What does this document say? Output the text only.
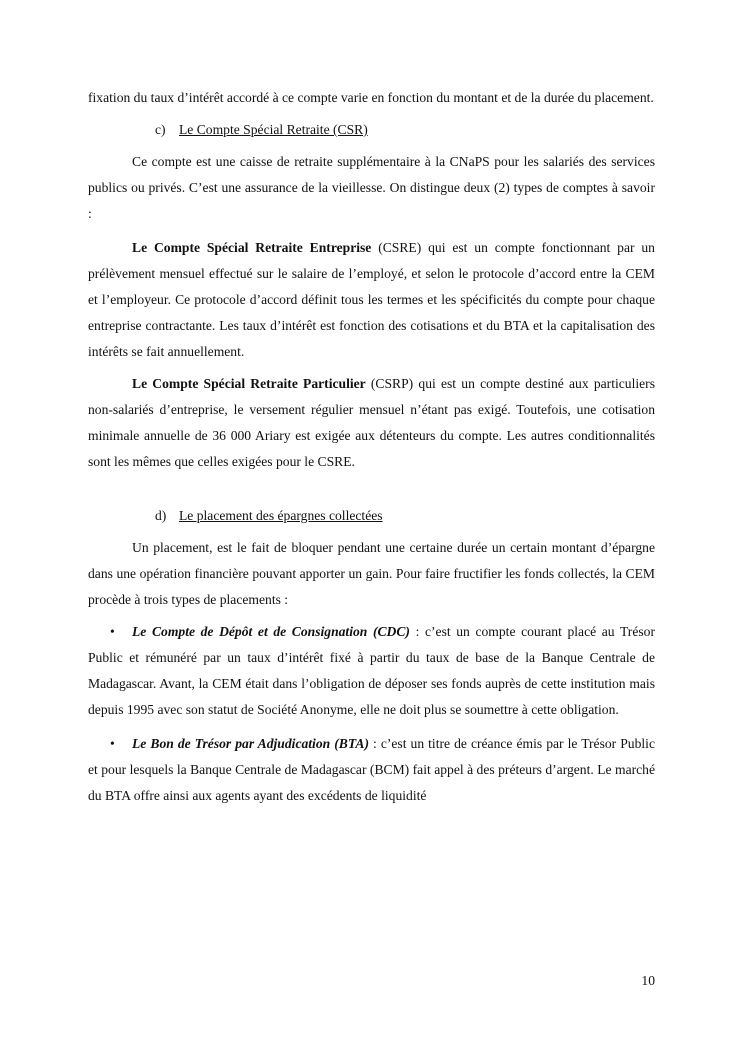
fixation du taux d’intérêt accordé à ce compte varie en fonction du montant et de la durée du placement.

c) Le Compte Spécial Retraite (CSR)

Ce compte est une caisse de retraite supplémentaire à la CNaPS pour les salariés des services publics ou privés. C’est une assurance de la vieillesse. On distingue deux (2) types de comptes à savoir :

Le Compte Spécial Retraite Entreprise (CSRE) qui est un compte fonctionnant par un prélèvement mensuel effectué sur le salaire de l’employé, et selon le protocole d’accord entre la CEM et l’employeur. Ce protocole d’accord définit tous les termes et les spécificités du compte pour chaque entreprise contractante. Les taux d’intérêt est fonction des cotisations et du BTA et la capitalisation des intérêts se fait annuellement.

Le Compte Spécial Retraite Particulier (CSRP) qui est un compte destiné aux particuliers non-salariés d’entreprise, le versement régulier mensuel n’étant pas exigé. Toutefois, une cotisation minimale annuelle de 36 000 Ariary est exigée aux détenteurs du compte. Les autres conditionnalités sont les mêmes que celles exigées pour le CSRE.

d) Le placement des épargnes collectées

Un placement, est le fait de bloquer pendant une certaine durée un certain montant d’épargne dans une opération financière pouvant apporter un gain. Pour faire fructifier les fonds collectés, la CEM procède à trois types de placements :

• Le Compte de Dépôt et de Consignation (CDC) : c’est un compte courant placé au Trésor Public et rémunéré par un taux d’intérêt fixé à partir du taux de base de la Banque Centrale de Madagascar. Avant, la CEM était dans l’obligation de déposer ses fonds auprès de cette institution mais depuis 1995 avec son statut de Société Anonyme, elle ne doit plus se soumettre à cette obligation.

• Le Bon de Trésor par Adjudication (BTA) : c’est un titre de créance émis par le Trésor Public et pour lesquels la Banque Centrale de Madagascar (BCM) fait appel à des préteurs d’argent. Le marché du BTA offre ainsi aux agents ayant des excédents de liquidité

10
